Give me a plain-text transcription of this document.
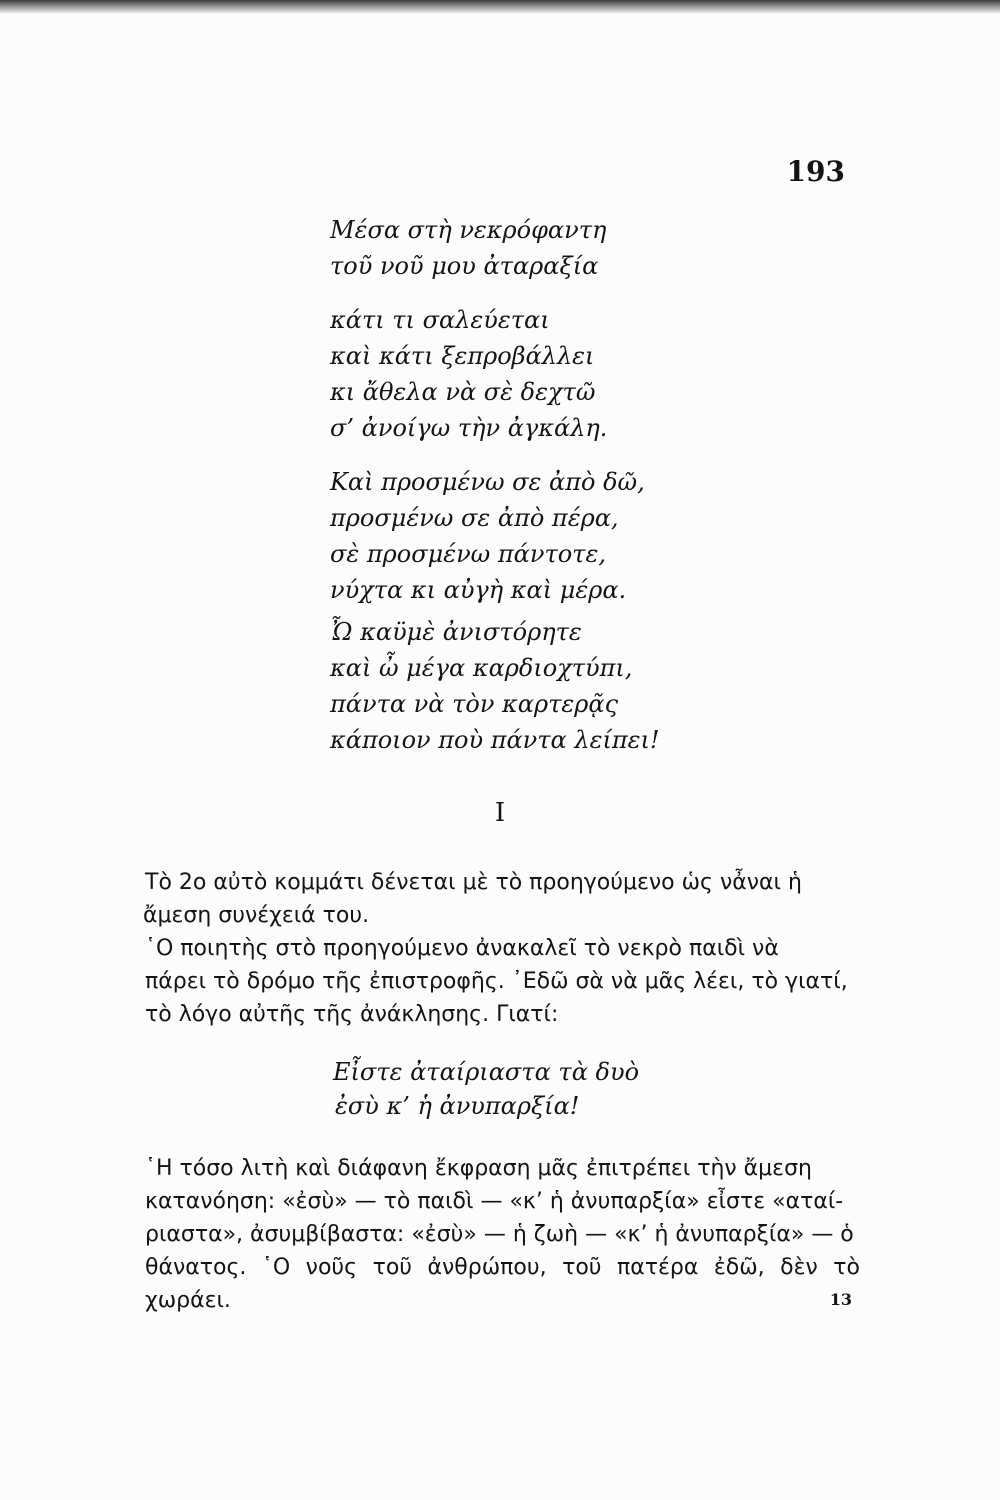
193
Μέσα στὴ νεκρόφαντη
τοῦ νοῦ μου ἀταραξία
κάτι τι σαλεύεται
καὶ κάτι ξεπροβάλλει
κι ἄθελα νὰ σὲ δεχτῶ
σ’ ἀνοίγω τὴν ἀγκάλη.
Καὶ προσμένω σε ἀπὸ δῶ,
προσμένω σε ἀπὸ πέρα,
σὲ προσμένω πάντοτε,
νύχτα κι αὐγὴ καὶ μέρα.
Ὦ καϋμὲ ἀνιστόρητε
καὶ ὦ μέγα καρδιοχτύπι,
πάντα νὰ τὸν καρτερᾷς
κάποιον ποὺ πάντα λείπει!
I

Τὸ 2ο αὐτὸ κομμάτι δένεται μὲ τὸ προηγούμενο ὡς νἆναι ἡ
ἄμεση συνέχειά του.
῾Ο ποιητὴς στὸ προηγούμενο ἀνακαλεῖ τὸ νεκρὸ παιδὶ νὰ
πάρει τὸ δρόμο τῆς ἐπιστροφῆς. ᾿Εδῶ σὰ νὰ μᾶς λέει, τὸ γιατί,
τὸ λόγο αὐτῆς τῆς ἀνάκλησης. Γιατί:

Εἶστε ἀταίριαστα τὰ δυὸ
ἐσὺ κ’ ἡ ἀνυπαρξία!
῾Η τόσο λιτὴ καὶ διάφανη ἔκφραση μᾶς ἐπιτρέπει τὴν ἄμεση
κατανόηση: «ἐσὺ» — τὸ παιδὶ — «κ’ ἡ ἀνυπαρξία» εἶστε «αταί-
ριαστα», ἀσυμβίβαστα: «ἐσὺ» — ἡ ζωὴ — «κ’ ἡ ἀνυπαρξία» — ὁ
θάνατος. ῾Ο νοῦς τοῦ ἀνθρώπου, τοῦ πατέρα ἐδῶ, δὲν τὸ χωράει.	13
